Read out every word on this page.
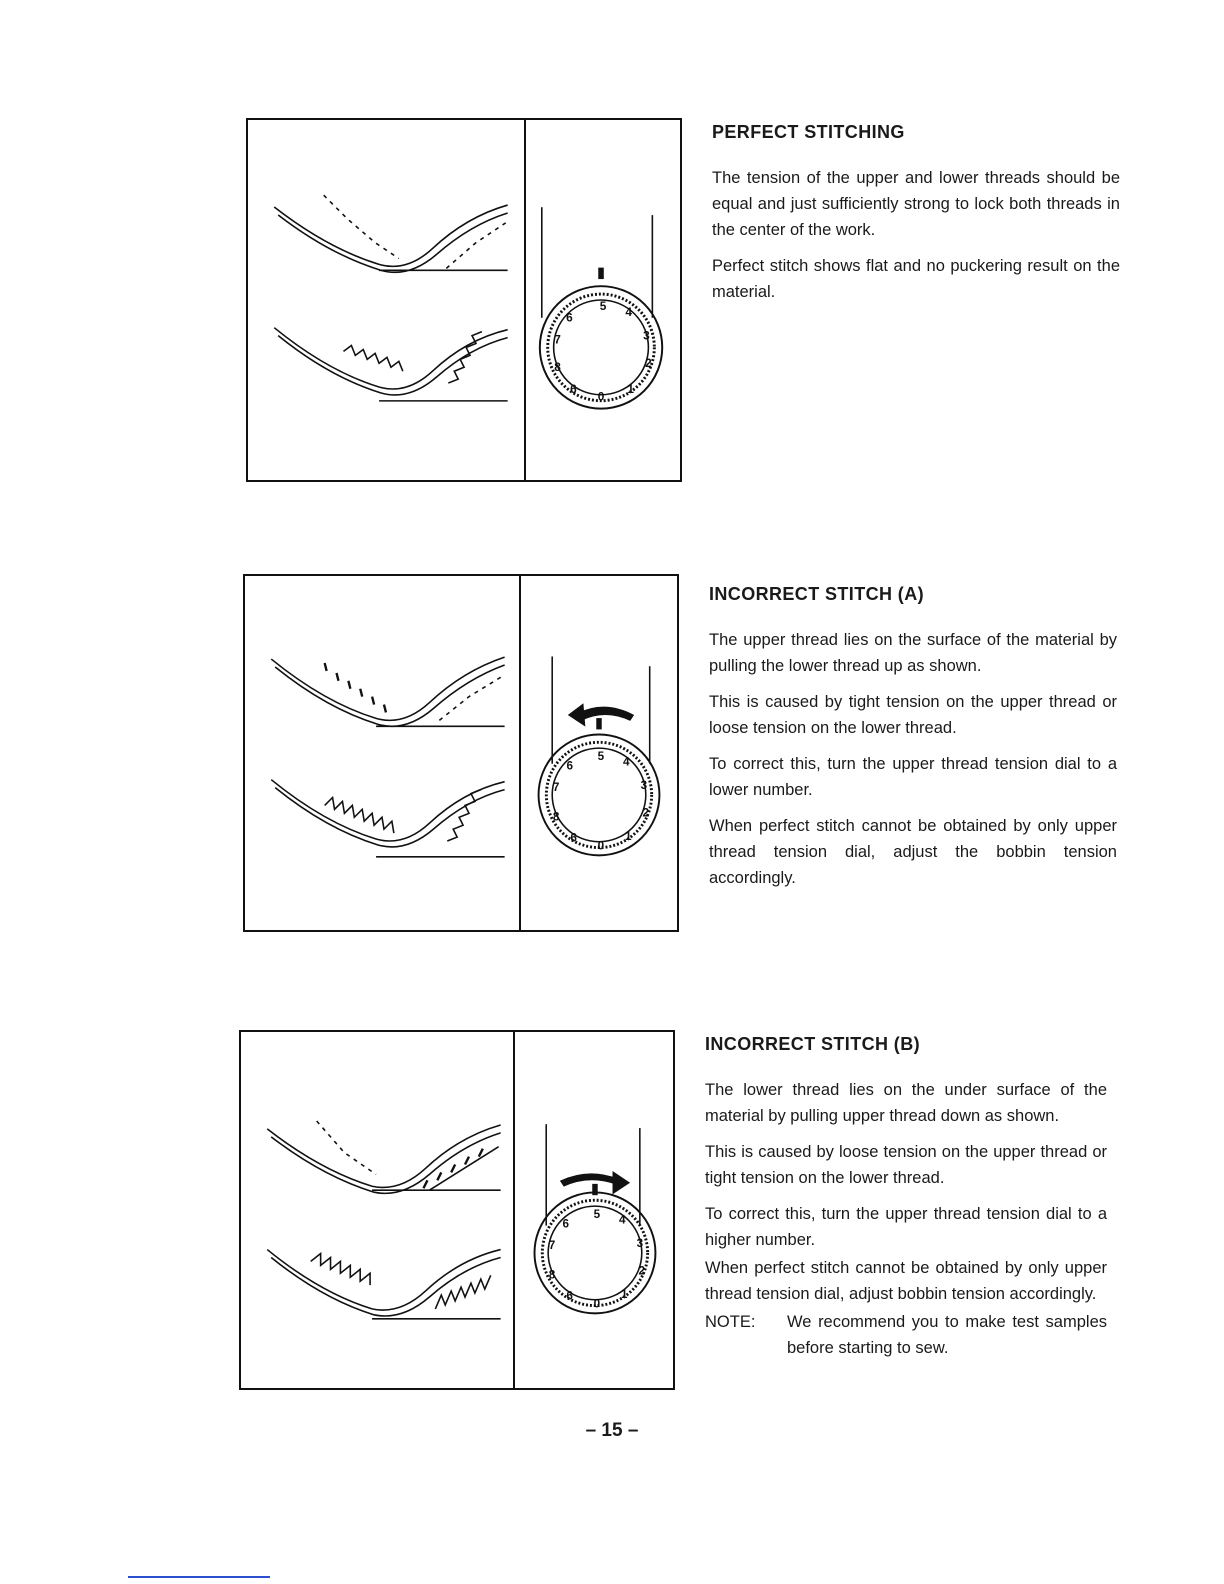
5 4
3
2
1
0
6
8
6
7
PERFECT STITCHING

The tension of the upper and lower threads should be equal and just sufficiently strong to lock both threads in the center of the work.

Perfect stitch shows flat and no puckering result on the material.

5 4
3
2
1
0
6
8
6
7
INCORRECT STITCH (A)

The upper thread lies on the surface of the material by pulling the lower thread up as shown.

This is caused by tight tension on the upper thread or loose tension on the lower thread.

To correct this, turn the upper thread tension dial to a lower number.

When perfect stitch cannot be obtained by only upper thread tension dial, adjust the bobbin tension accordingly.

5 4
3
2
1
0
6
8
6
7
INCORRECT STITCH (B)

The lower thread lies on the under surface of the material by pulling upper thread down as shown.

This is caused by loose tension on the upper thread or tight tension on the lower thread.

To correct this, turn the upper thread tension dial to a higher number.

When perfect stitch cannot be obtained by only upper thread tension dial, adjust bobbin tension accordingly.

NOTE:	We recommend you to make test samples before starting to sew.
– 15 –
